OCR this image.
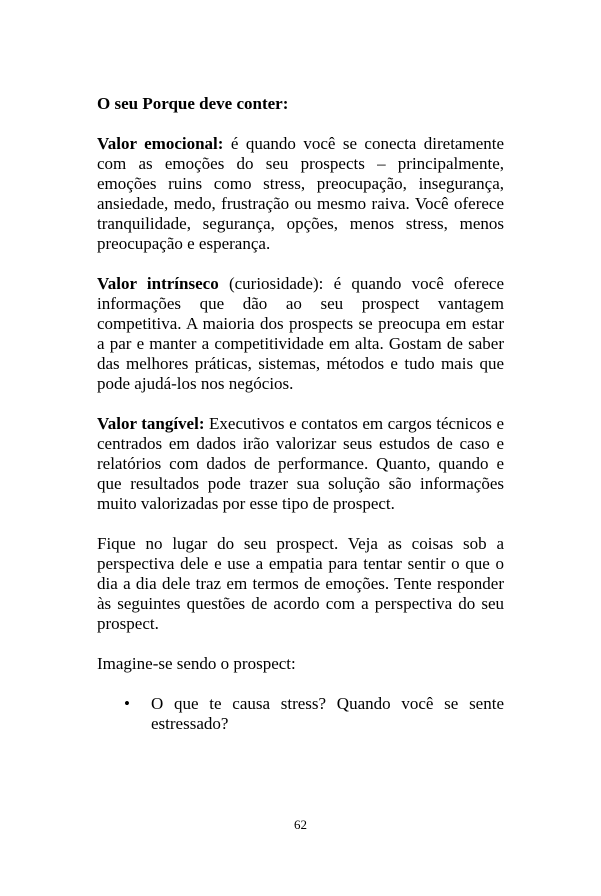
O seu Porque deve conter:

Valor emocional: é quando você se conecta diretamente com as emoções do seu prospects – principalmente, emoções ruins como stress, preocupação, insegurança, ansiedade, medo, frustração ou mesmo raiva. Você oferece tranquilidade, segurança, opções, menos stress, menos preocupação e esperança.

Valor intrínseco (curiosidade): é quando você oferece informações que dão ao seu prospect vantagem competitiva. A maioria dos prospects se preocupa em estar a par e manter a competitividade em alta. Gostam de saber das melhores práticas, sistemas, métodos e tudo mais que pode ajudá-los nos negócios.

Valor tangível: Executivos e contatos em cargos técnicos e centrados em dados irão valorizar seus estudos de caso e relatórios com dados de performance. Quanto, quando e que resultados pode trazer sua solução são informações muito valorizadas por esse tipo de prospect.

Fique no lugar do seu prospect. Veja as coisas sob a perspectiva dele e use a empatia para tentar sentir o que o dia a dia dele traz em termos de emoções. Tente responder às seguintes questões de acordo com a perspectiva do seu prospect.

Imagine-se sendo o prospect:

• O que te causa stress? Quando você se sente estressado?
62
